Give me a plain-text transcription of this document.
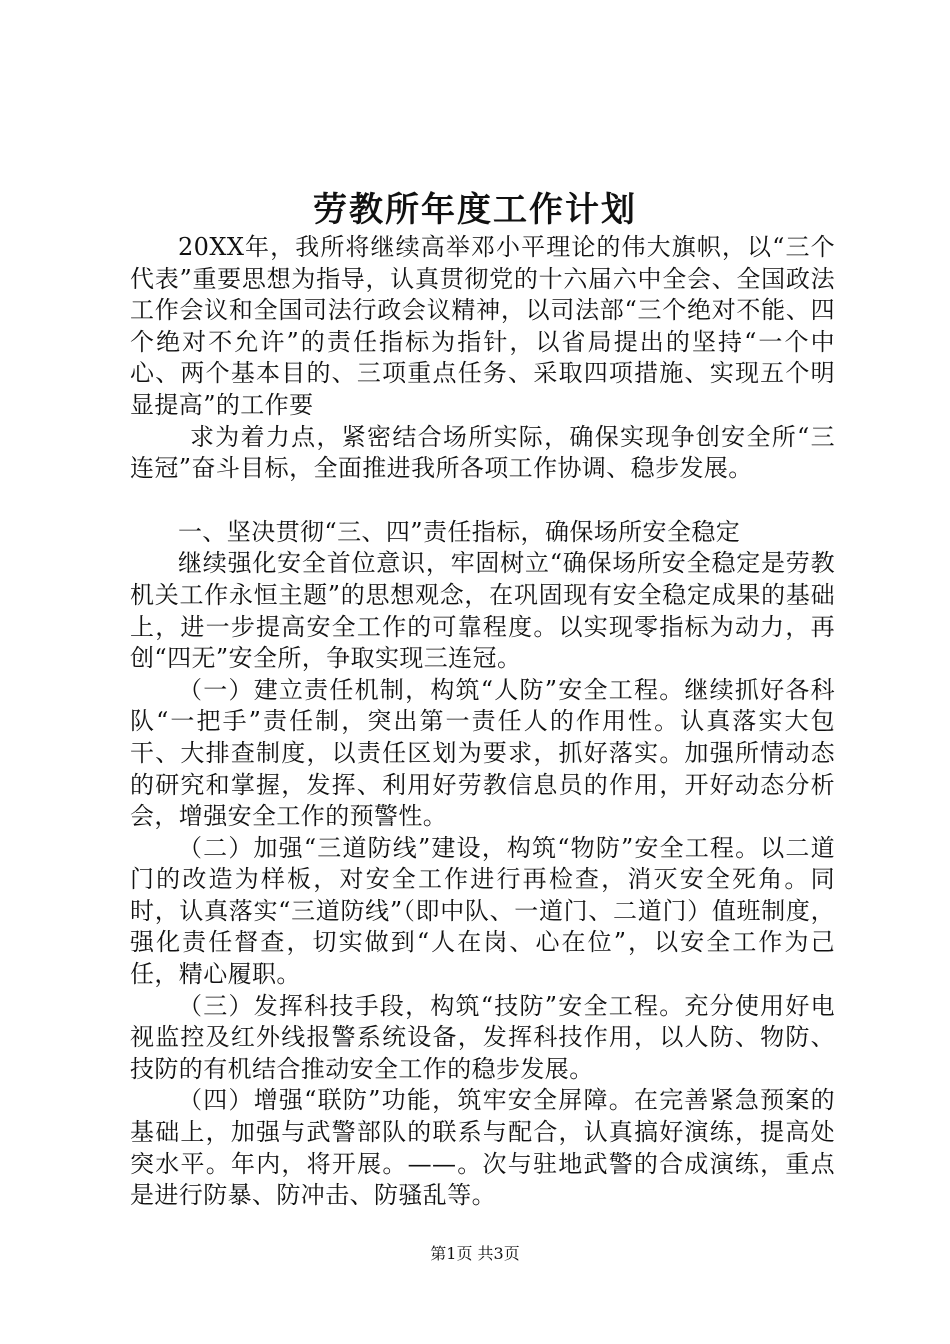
劳教所年度工作计划

20XX年，我所将继续高举邓小平理论的伟大旗帜，以“三个代表”重要思想为指导，认真贯彻党的十六届六中全会、全国政法工作会议和全国司法行政会议精神，以司法部“三个绝对不能、四个绝对不允许”的责任指标为指针，以省局提出的坚持“一个中心、两个基本目的、三项重点任务、采取四项措施、实现五个明显提高”的工作要

求为着力点，紧密结合场所实际，确保实现争创安全所“三连冠”奋斗目标，全面推进我所各项工作协调、稳步发展。

一、坚决贯彻“三、四”责任指标，确保场所安全稳定

继续强化安全首位意识，牢固树立“确保场所安全稳定是劳教机关工作永恒主题”的思想观念，在巩固现有安全稳定成果的基础上，进一步提高安全工作的可靠程度。以实现零指标为动力，再创“四无”安全所，争取实现三连冠。

（一）建立责任机制，构筑“人防”安全工程。继续抓好各科队“一把手”责任制，突出第一责任人的作用性。认真落实大包干、大排查制度，以责任区划为要求，抓好落实。加强所情动态的研究和掌握，发挥、利用好劳教信息员的作用，开好动态分析会，增强安全工作的预警性。

（二）加强“三道防线”建设，构筑“物防”安全工程。以二道门的改造为样板，对安全工作进行再检查，消灭安全死角。同时，认真落实“三道防线”（即中队、一道门、二道门）值班制度，强化责任督查，切实做到“人在岗、心在位”，以安全工作为己任，精心履职。

（三）发挥科技手段，构筑“技防”安全工程。充分使用好电视监控及红外线报警系统设备，发挥科技作用，以人防、物防、技防的有机结合推动安全工作的稳步发展。

（四）增强“联防”功能，筑牢安全屏障。在完善紧急预案的基础上，加强与武警部队的联系与配合，认真搞好演练，提高处突水平。年内，将开展。——。次与驻地武警的合成演练，重点是进行防暴、防冲击、防骚乱等。

第1页 共3页
